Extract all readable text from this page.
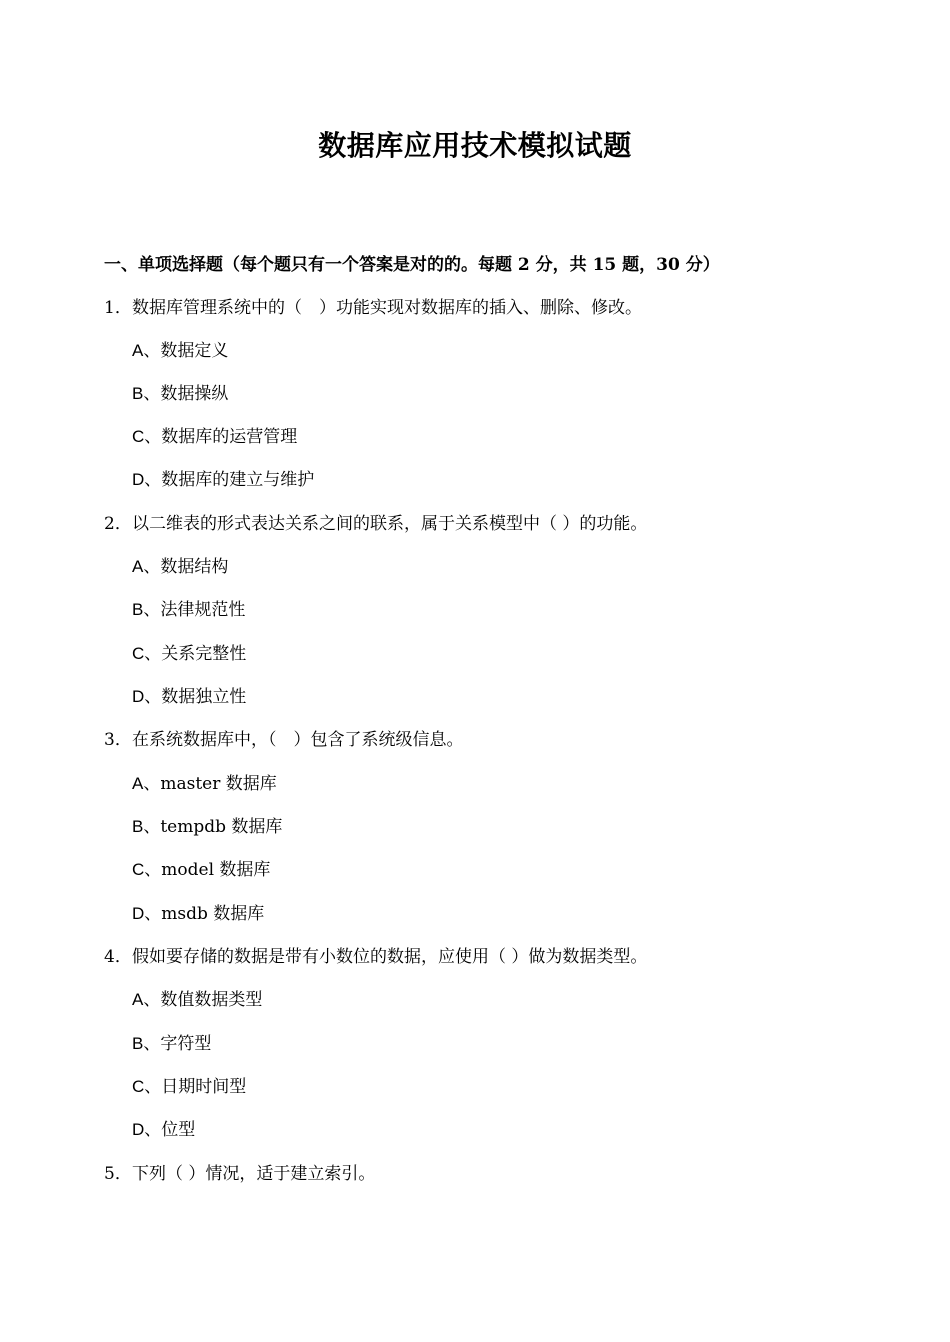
数据库应用技术模拟试题
一、单项选择题（每个题只有一个答案是对的的。每题 2 分，共 15 题，30 分）
1．数据库管理系统中的（　）功能实现对数据库的插入、删除、修改。
A、数据定义
B、数据操纵
C、数据库的运营管理
D、数据库的建立与维护
2．以二维表的形式表达关系之间的联系，属于关系模型中（ ）的功能。
A、数据结构
B、法律规范性
C、关系完整性
D、数据独立性
3．在系统数据库中，（　）包含了系统级信息。
A、master 数据库
B、tempdb 数据库
C、model 数据库
D、msdb 数据库
4．假如要存储的数据是带有小数位的数据，应使用（ ）做为数据类型。
A、数值数据类型
B、字符型
C、日期时间型
D、位型
5．下列（ ）情况，适于建立索引。
